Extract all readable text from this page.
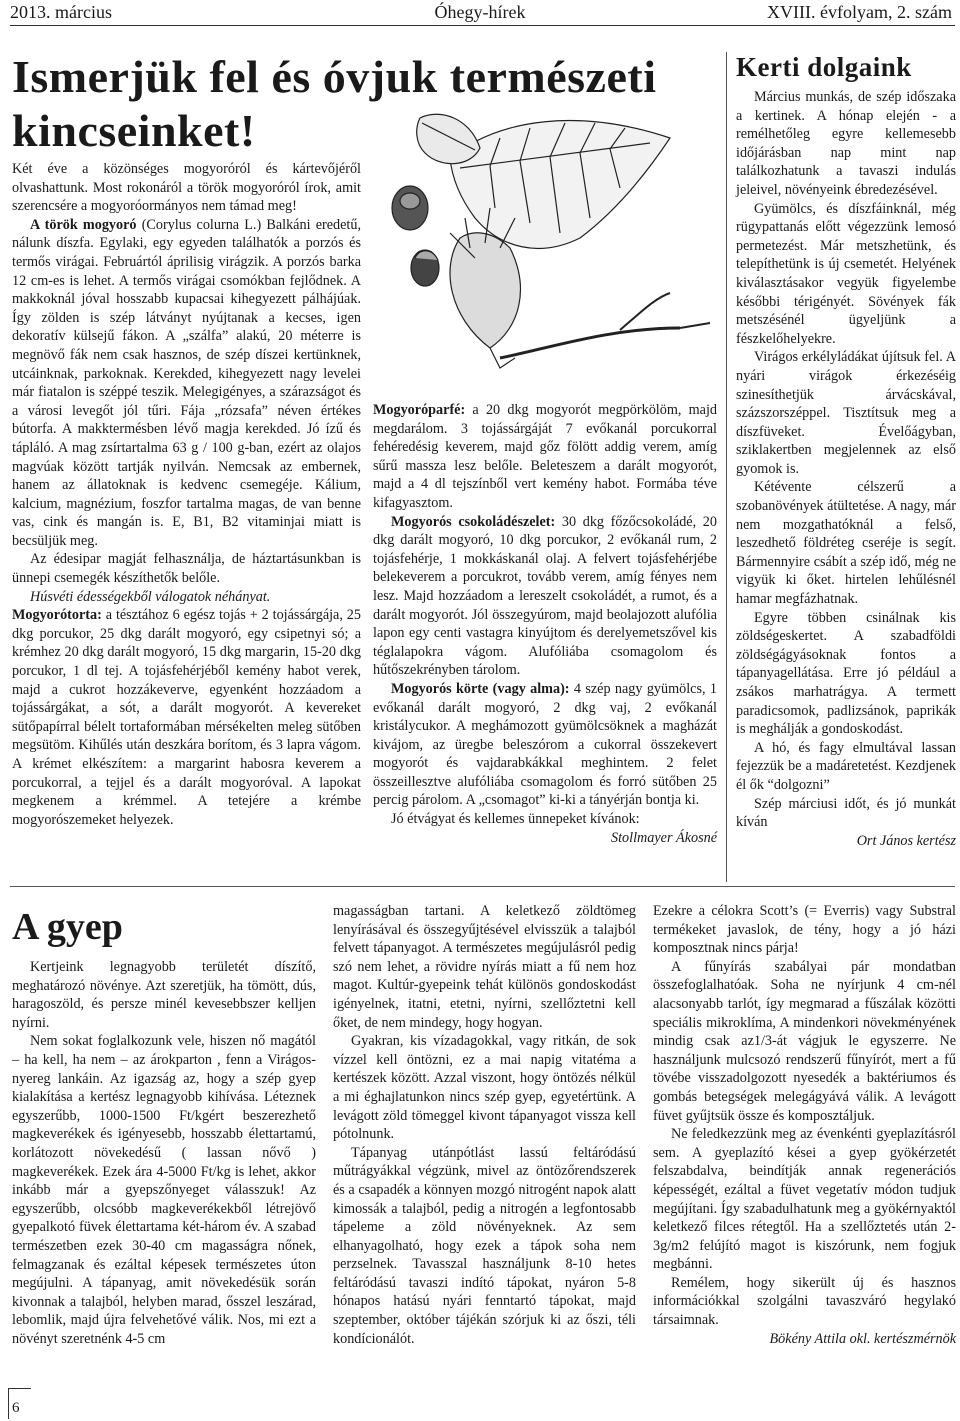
2013. március	Óhegy-hírek	XVIII. évfolyam, 2. szám
Ismerjük fel és óvjuk természeti
kincseinket!

Két éve a közönséges mogyoróról és kártevőjéről olvashattunk. Most rokonáról a török mogyoróról írok, amit szerencsére a mogyoróormányos nem támad meg!

A török mogyoró (Corylus colurna L.) Balkáni eredetű, nálunk díszfa. Egylaki, egy egyeden találhatók a porzós és termős virágai. Februártól áprilisig virágzik. A porzós barka 12 cm-es is lehet. A termős virágai csomókban fejlődnek. A makkoknál jóval hosszabb kupacsai kihegyezett pálhájúak. Így zölden is szép látványt nyújtanak a kecses, igen dekoratív külsejű fákon. A „szálfa” alakú, 20 méterre is megnövő fák nem csak hasznos, de szép díszei kertünknek, utcáinknak, parkoknak. Kerekded, kihegyezett nagy levelei már fiatalon is széppé teszik. Melegigényes, a szárazságot és a városi levegőt jól tűri. Fája „rózsafa” néven értékes bútorfa. A makktermésben lévő magja kerekded. Jó ízű és tápláló. A mag zsírtartalma 63 g / 100 g-ban, ezért az olajos magvúak között tartják nyilván. Nemcsak az embernek, hanem az állatoknak is kedvenc csemegéje. Kálium, kalcium, magnézium, foszfor tartalma magas, de van benne vas, cink és mangán is. E, B1, B2 vitaminjai miatt is becsüljük meg.

Az édesipar magját felhasználja, de háztartásunkban is ünnepi csemegék készíthetők belőle.

Húsvéti édességekből válogatok néhányat.

Mogyorótorta: a tésztához 6 egész tojás + 2 tojássárgája, 25 dkg porcukor, 25 dkg darált mogyoró, egy csipetnyi só; a krémhez 20 dkg darált mogyoró, 15 dkg margarin, 15-20 dkg porcukor, 1 dl tej. A tojásfehérjéből kemény habot verek, majd a cukrot hozzákeverve, egyenként hozzáadom a tojássárgákat, a sót, a darált mogyorót. A kevereket sütőpapírral bélelt tortaformában mérsékelten meleg sütőben megsütöm. Kihűlés után deszkára borítom, és 3 lapra vágom. A krémet elkészítem: a margarint habosra keverem a porcukorral, a tejjel és a darált mogyoróval. A lapokat megkenem a krémmel. A tetejére a krémbe mogyorószemeket helyezek.

Mogyoróparfé: a 20 dkg mogyorót megpörkölöm, majd megdarálom. 3 tojássárgáját 7 evőkanál porcukorral fehéredésig keverem, majd gőz fölött addig verem, amíg sűrű massza lesz belőle. Beleteszem a darált mogyorót, majd a 4 dl tejszínből vert kemény habot. Formába téve kifagyasztom.

Mogyorós csokoládészelet: 30 dkg főzőcsokoládé, 20 dkg darált mogyoró, 10 dkg porcukor, 2 evőkanál rum, 2 tojásfehérje, 1 mokkáskanál olaj. A felvert tojásfehérjébe belekeverem a porcukrot, tovább verem, amíg fényes nem lesz. Majd hozzáadom a lereszelt csokoládét, a rumot, és a darált mogyorót. Jól összegyúrom, majd beolajozott alufólia lapon egy centi vastagra kinyújtom és derelyemetszővel kis téglalapokra vágom. Alufóliába csomagolom és hűtőszekrényben tárolom.

Mogyorós körte (vagy alma): 4 szép nagy gyümölcs, 1 evőkanál darált mogyoró, 2 dkg vaj, 2 evőkanál kristálycukor. A meghámozott gyümölcsöknek a magházát kivájom, az üregbe beleszórom a cukorral összekevert mogyorót és vajdarabkákkal meghintem. 2 felet összeillesztve alufóliába csomagolom és forró sütőben 25 percig párolom. A „csomagot” ki-ki a tányérján bontja ki.

Jó étvágyat és kellemes ünnepeket kívánok:

Stollmayer Ákosné

Kerti dolgaink

Március munkás, de szép időszaka a kertinek. A hónap elején - a remélhetőleg egyre kellemesebb időjárásban nap mint nap találkozhatunk a tavaszi indulás jeleivel, növényeink ébredezésével.

Gyümölcs, és díszfáinknál, még rügypattanás előtt végezzünk lemosó permetezést. Már metszhetünk, és telepíthetünk is új csemetét. Helyének kiválasztásakor vegyük figyelembe későbbi térigényét. Sövények fák metszésénél ügyeljünk a fészkelőhelyekre.

Virágos erkélyládákat újítsuk fel. A nyári virágok érkezéséig szinesíthetjük árvácskával, százszorszéppel. Tisztítsuk meg a díszfüveket. Évelőágyban, sziklakertben megjelennek az első gyomok is.

Kétévente célszerű a szobanövények átültetése. A nagy, már nem mozgathatóknál a felső, leszedhető földréteg cseréje is segít. Bármennyire csábít a szép idő, még ne vigyük ki őket. hirtelen lehűlésnél hamar megfázhatnak.

Egyre többen csinálnak kis zöldségeskertet. A szabadföldi zöldségágyásoknak fontos a tápanyagellátása. Erre jó például a zsákos marhatrágya. A termett paradicsomok, padlizsánok, paprikák is meghálják a gondoskodást.

A hó, és fagy elmultával lassan fejezzük be a madáretetést. Kezdjenek él ők “dolgozni”

Szép márciusi időt, és jó munkát kíván

Ort János kertész

A gyep

Kertjeink legnagyobb területét díszítő, meghatározó növénye. Azt szeretjük, ha tömött, dús, haragoszöld, és persze minél kevesebbszer kelljen nyírni.

Nem sokat foglalkozunk vele, hiszen nő magától – ha kell, ha nem – az árokparton , fenn a Virágos-nyereg lankáin. Az igazság az, hogy a szép gyep kialakítása a kertész legnagyobb kihívása. Léteznek egyszerűbb, 1000-1500 Ft/kgért beszerezhető magkeverékek és igényesebb, hosszabb élettartamú, korlátozott növekedésű ( lassan nővő ) magkeverékek. Ezek ára 4-5000 Ft/kg is lehet, akkor inkább már a gyepszőnyeget válasszuk! Az egyszerűbb, olcsóbb magkeverékekből létrejövő gyepalkotó füvek élettartama két-három év. A szabad természetben ezek 30-40 cm magasságra nőnek, felmagzanak és ezáltal képesek természetes úton megújulni. A tápanyag, amit növekedésük során kivonnak a talajból, helyben marad, ősszel leszárad, lebomlik, majd újra felvehetővé válik. Nos, mi ezt a növényt szeretnénk 4-5 cm

magasságban tartani. A keletkező zöldtömeg lenyírásával és összegyűjtésével elvisszük a talajból felvett tápanyagot. A természetes megújulásról pedig szó nem lehet, a rövidre nyírás miatt a fű nem hoz magot. Kultúr-gyepeink tehát különös gondoskodást igényelnek, itatni, etetni, nyírni, szellőztetni kell őket, de nem mindegy, hogy hogyan.

Gyakran, kis vízadagokkal, vagy ritkán, de sok vízzel kell öntözni, ez a mai napig vitatéma a kertészek között. Azzal viszont, hogy öntözés nélkül a mi éghajlatunkon nincs szép gyep, egyetértünk. A levágott zöld tömeggel kivont tápanyagot vissza kell pótolnunk.

Tápanyag utánpótlást lassú feltáródású műtrágyákkal végzünk, mivel az öntözőrendszerek és a csapadék a könnyen mozgó nitrogént napok alatt kimossák a talajból, pedig a nitrogén a legfontosabb tápeleme a zöld növényeknek. Az sem elhanyagolható, hogy ezek a tápok soha nem perzselnek. Tavasszal használjunk 8-10 hetes feltáródású tavaszi indító tápokat, nyáron 5-8 hónapos hatású nyári fenntartó tápokat, majd szeptember, október tájékán szórjuk ki az őszi, téli kondícionálót.

Ezekre a célokra Scott’s (= Everris) vagy Substral termékeket javaslok, de tény, hogy a jó házi komposztnak nincs párja!

A fűnyírás szabályai pár mondatban összefoglalhatóak. Soha ne nyírjunk 4 cm-nél alacsonyabb tarlót, így megmarad a fűszálak közötti speciális mikroklíma, A mindenkori növekményének mindig csak az1/3-át vágjuk le egyszerre. Ne használjunk mulcsozó rendszerű fűnyírót, mert a fű tövébe visszadolgozott nyesedék a baktériumos és gombás betegségek melegágyává válik. A levágott füvet gyűjtsük össze és komposztáljuk.

Ne feledkezzünk meg az évenkénti gyeplazításról sem. A gyeplazító kései a gyep gyökérzetét felszabdalva, beindítják annak regenerációs képességét, ezáltal a füvet vegetatív módon tudjuk megújítani. Így szabadulhatunk meg a gyökérnyaktól keletkező filces rétegtől. Ha a szellőztetés után 2-3g/m2 felújító magot is kiszórunk, nem fogjuk megbánni.

Remélem, hogy sikerült új és hasznos információkkal szolgálni tavaszváró hegylakó társaimnak.

Bökény Attila okl. kertészmérnök

6
